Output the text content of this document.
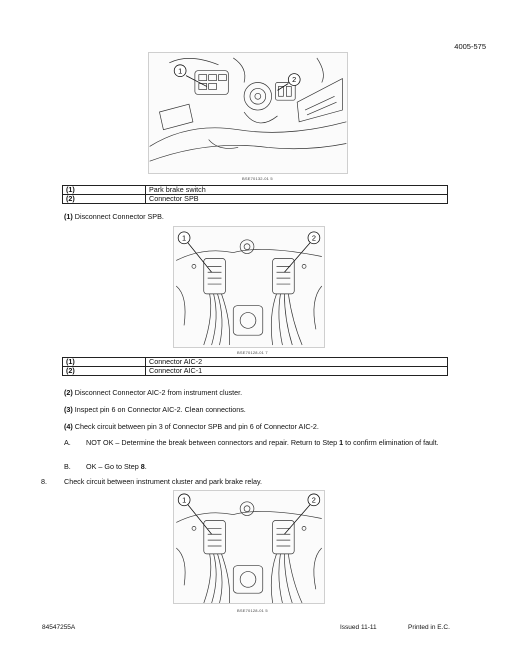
4005-575
1
2
BSE70132-01 5
(1)	Park brake switch
(2)	Connector SPB
(1) Disconnect Connector SPB.
1	2
BSE70128-01 7
(1)	Connector AIC-2
(2)	Connector AIC-1
(2) Disconnect Connector AIC-2 from instrument cluster.
(3) Inspect pin 6 on Connector AIC-2. Clean connections.
(4) Check circuit between pin 3 of Connector SPB and pin 6 of Connector AIC-2.
A.	NOT OK – Determine the break between connectors and repair. Return to Step 1 to confirm elimination of fault.
B.	OK – Go to Step 8.
8.	Check circuit between instrument cluster and park brake relay.
1	2
BSE70128-01 5
84547255A	Issued 11-11	Printed in E.C.
